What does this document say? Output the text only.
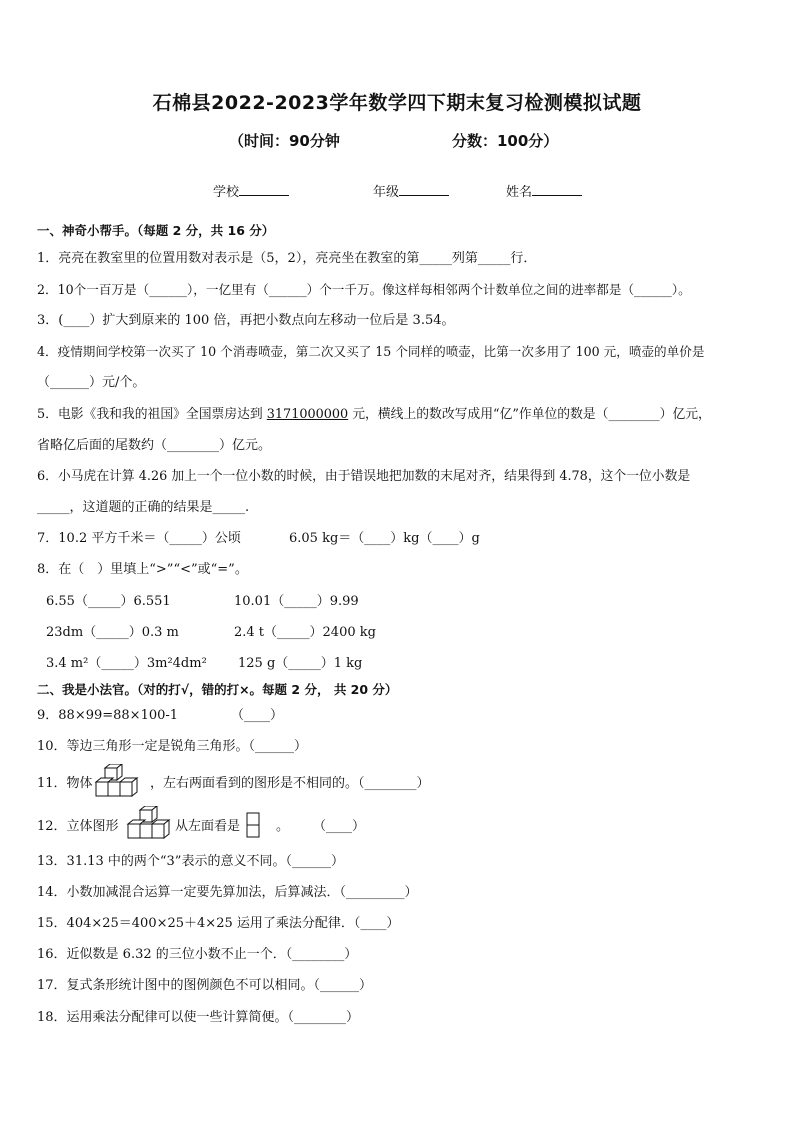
石棉县2022-2023学年数学四下期末复习检测模拟试题
（时间：90分钟	分数：100分）
学校	年级	姓名
一、神奇小帮手。（每题 2 分，共 16 分）
1．亮亮在教室里的位置用数对表示是（5，2），亮亮坐在教室的第_____列第_____行．
2．10个一百万是（______），一亿里有（______）个一千万。像这样每相邻两个计数单位之间的进率都是（______）。
3．(____）扩大到原来的 100 倍，再把小数点向左移动一位后是 3.54。
4．疫情期间学校第一次买了 10 个消毒喷壶，第二次又买了 15 个同样的喷壶，比第一次多用了 100 元，喷壶的单价是
（______）元/个。
5．电影《我和我的祖国》全国票房达到 3171000000 元，横线上的数改写成用“亿”作单位的数是（________）亿元，
省略亿后面的尾数约（________）亿元。
6．小马虎在计算 4.26 加上一个一位小数的时候，由于错误地把加数的末尾对齐，结果得到 4.78，这个一位小数是
_____，这道题的正确的结果是_____.
7．10.2 平方千米＝（_____）公顷	6.05 kg＝（____）kg（____）g
8．在（　）里填上“>”“<”或“=”。
6.55（_____）6.551	10.01（_____）9.99
23dm（_____）0.3 m	2.4 t（_____）2400 kg
3.4 m²（_____）3m²4dm² 125 g（_____）1 kg
二、我是小法官。（对的打√，错的打×。每题 2 分， 共 20 分）
9．88×99=88×100-1	（____）
10．等边三角形一定是锐角三角形。（______）
11．物体	，左右两面看到的图形是不相同的。（________）
12．立体图形	从左面看是	。 （____）
13．31.13 中的两个“3”表示的意义不同。（______）
14．小数加减混合运算一定要先算加法，后算减法．（_________）
15．404×25＝400×25＋4×25 运用了乘法分配律．（____）
16．近似数是 6.32 的三位小数不止一个．（________）
17．复式条形统计图中的图例颜色不可以相同。（______）
18．运用乘法分配律可以使一些计算简便。（________）
